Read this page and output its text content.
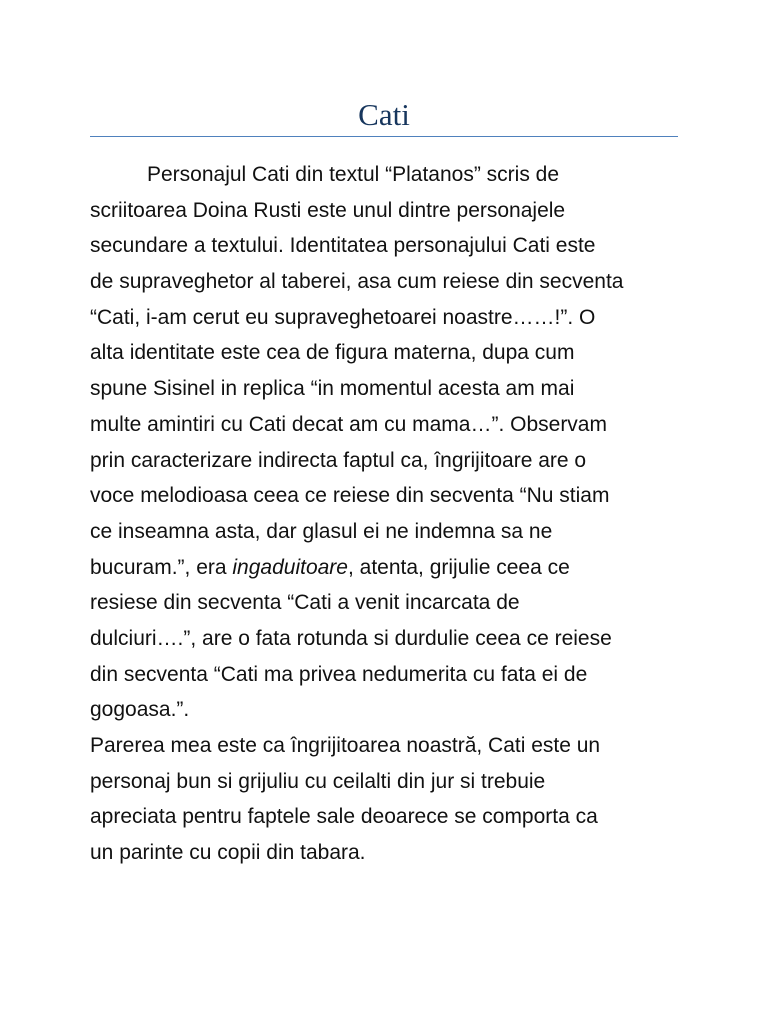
Cati
Personajul Cati din textul “Platanos” scris de
scriitoarea Doina Rusti este unul dintre personajele
secundare a textului. Identitatea personajului Cati este
de supraveghetor al taberei, asa cum reiese din secventa
“Cati, i-am cerut eu supraveghetoarei noastre……!”. O
alta identitate este cea de figura materna, dupa cum
spune Sisinel in replica “in momentul acesta am mai
multe amintiri cu Cati decat am cu mama…”. Observam
prin caracterizare indirecta faptul ca, îngrijitoare are o
voce melodioasa ceea ce reiese din secventa “Nu stiam
ce inseamna asta, dar glasul ei ne indemna sa ne
bucuram.”, era ingaduitoare, atenta, grijulie ceea ce
resiese din secventa “Cati a venit incarcata de
dulciuri….”, are o fata rotunda si durdulie ceea ce reiese
din secventa “Cati ma privea nedumerita cu fata ei de
gogoasa.”.
Parerea mea este ca îngrijitoarea noastră, Cati este un
personaj bun si grijuliu cu ceilalti din jur si trebuie
apreciata pentru faptele sale deoarece se comporta ca
un parinte cu copii din tabara.
